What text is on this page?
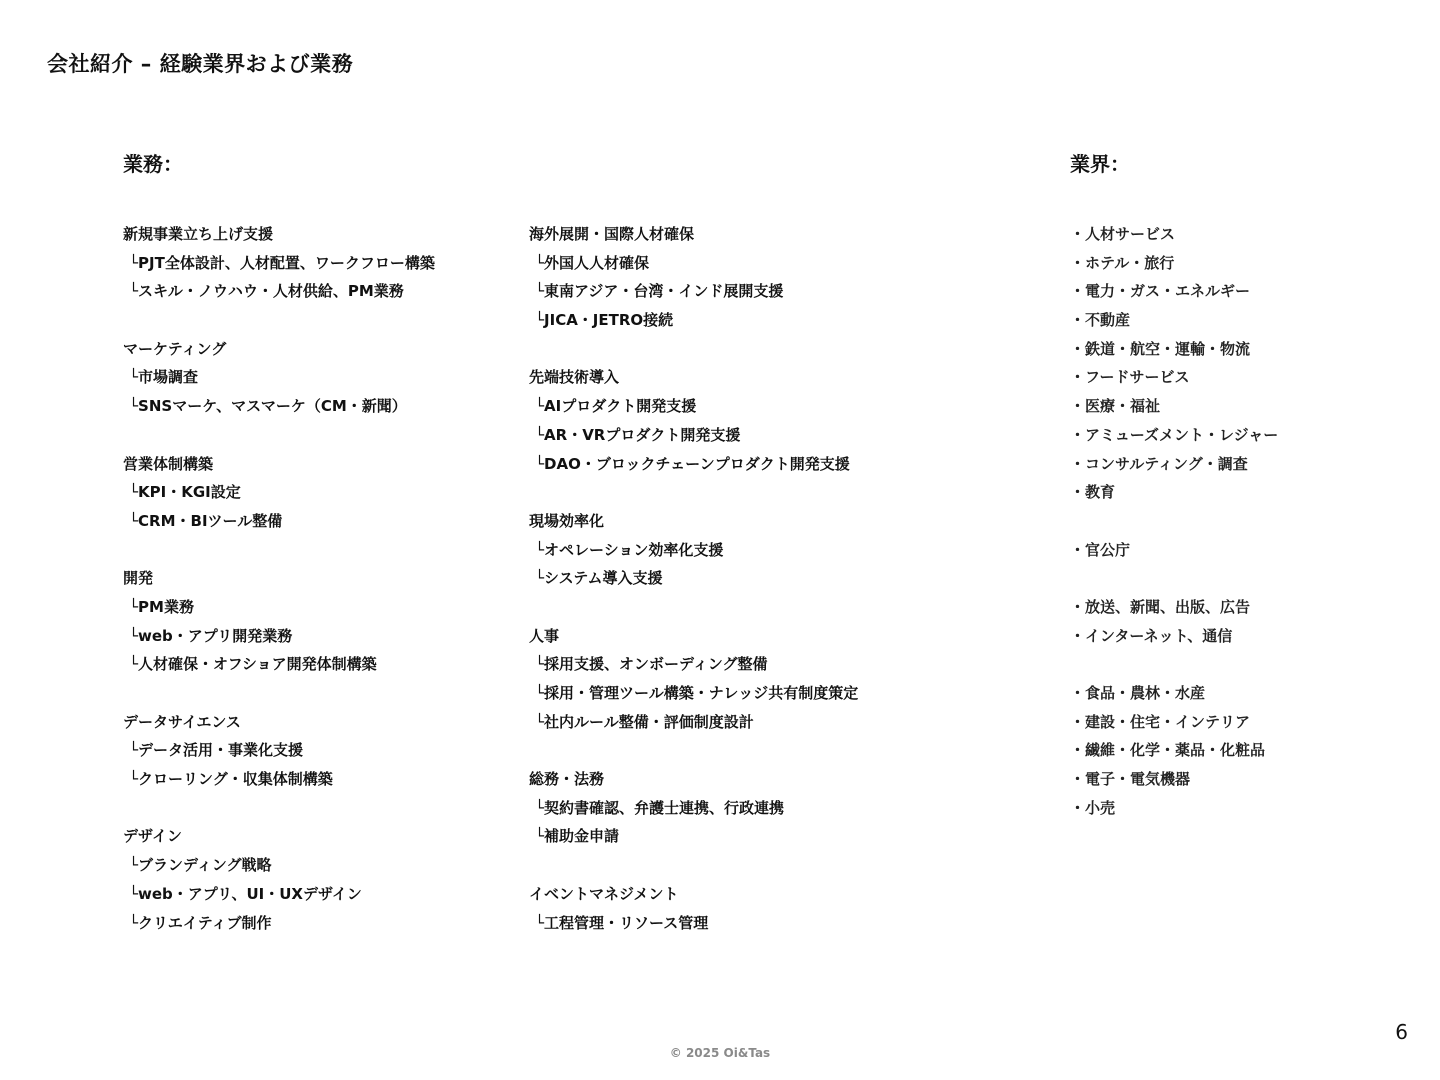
会社紹介 – 経験業界および業務
業務：	業界：
新規事業立ち上げ支援
└PJT全体設計、人材配置、ワークフロー構築
└スキル・ノウハウ・人材供給、PM業務
マーケティング
└市場調査
└SNSマーケ、マスマーケ（CM・新聞）
営業体制構築
└KPI・KGI設定
└CRM・BIツール整備
開発
└PM業務
└web・アプリ開発業務
└人材確保・オフショア開発体制構築
データサイエンス
└データ活用・事業化支援
└クローリング・収集体制構築
デザイン
└ブランディング戦略
└web・アプリ、UI・UXデザイン
└クリエイティブ制作
海外展開・国際人材確保
└外国人人材確保
└東南アジア・台湾・インド展開支援
└JICA・JETRO接続
先端技術導入
└AIプロダクト開発支援
└AR・VRプロダクト開発支援
└DAO・ブロックチェーンプロダクト開発支援
現場効率化
└オペレーション効率化支援
└システム導入支援
人事
└採用支援、オンボーディング整備
└採用・管理ツール構築・ナレッジ共有制度策定
└社内ルール整備・評価制度設計
総務・法務
└契約書確認、弁護士連携、行政連携
└補助金申請
イベントマネジメント
└工程管理・リソース管理
・人材サービス
・ホテル・旅行
・電力・ガス・エネルギー
・不動産
・鉄道・航空・運輸・物流
・フードサービス
・医療・福祉
・アミューズメント・レジャー
・コンサルティング・調査
・教育
・官公庁
・放送、新聞、出版、広告
・インターネット、通信
・食品・農林・水産
・建設・住宅・インテリア
・繊維・化学・薬品・化粧品
・電子・電気機器
・小売
© 2025 Oi&Tas
6
